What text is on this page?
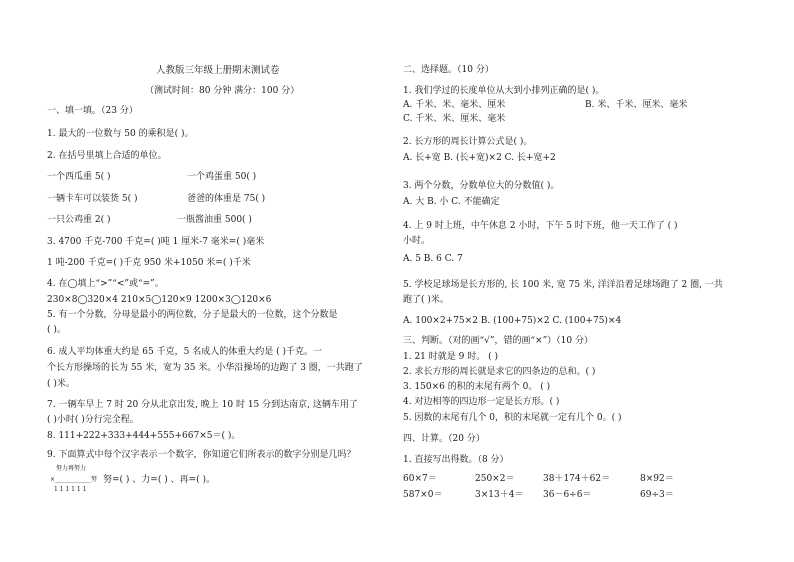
人教版三年级上册期末测试卷
（测试时间：80 分钟 满分：100 分）
一、填一填。（23 分）
1. 最大的一位数与 50 的乘积是( )。
2. 在括号里填上合适的单位。
一个西瓜重 5( )	一个鸡蛋重 50( )
一辆卡车可以装货 5( )	爸爸的体重是 75( )
一只公鸡重 2( )	一瓶酱油重 500( )
3. 4700 千克-700 千克=( )吨 1 厘米-7 毫米=( )毫米
1 吨-200 千克=( )千克 950 米+1050 米=( )千米
4. 在◯填上“>”“<”或“=”。
230×8◯320×4 210×5◯120×9 1200×3◯120×6
5. 有一个分数，分母是最小的两位数，分子是最大的一位数，这个分数是
( )。
6. 成人平均体重大约是 65 千克，5 名成人的体重大约是 ( )千克。一
个长方形操场的长为 55 米，宽为 35 米。小华沿操场的边跑了 3 圈，一共跑了
( )米。
7. 一辆车早上 7 时 20 分从北京出发, 晚上 10 时 15 分到达南京, 这辆车用了
( )小时( )分行完全程。
8. 111+222+333+444+555+667×5＝( )。
9. 下面算式中每个汉字表示一个数字，你知道它们所表示的数字分别是几吗？
努力再努力
×____________努
1 1 1 1 1 1
努=( ) 、力=( ) 、再=( )。
二、选择题。（10 分）
1. 我们学过的长度单位从大到小排列正确的是( )。
A. 千米、米、毫米、厘米	B. 米、千米、厘米、毫米
C. 千米、米、厘米、毫米
2. 长方形的周长计算公式是( )。
A. 长+宽 B. (长+宽)×2 C. 长+宽+2
3. 两个分数，分数单位大的分数值( )。
A. 大 B. 小 C. 不能确定
4. 上 9 时上班，中午休息 2 小时，下午 5 时下班，他一天工作了 ( )
小时。
A. 5 B. 6 C. 7
5. 学校足球场是长方形的, 长 100 米, 宽 75 米, 洋洋沿着足球场跑了 2 圈, 一共
跑了( )米。
A. 100×2+75×2 B. (100+75)×2 C. (100+75)×4
三、判断。（对的画“√”，错的画“×”）（10 分）
1. 21 时就是 9 时。 ( )
2. 求长方形的周长就是求它的四条边的总和。( )
3. 150×6 的积的末尾有两个 0。 ( )
4. 对边相等的四边形一定是长方形。( )
5. 因数的末尾有几个 0，积的末尾就一定有几个 0。( )
四、计算。（20 分）
1. 直接写出得数。（8 分）
60×7＝	250×2＝	38＋174＋62＝	8×92＝
587×0＝	3×13＋4＝ 36－6÷6＝	69÷3＝
